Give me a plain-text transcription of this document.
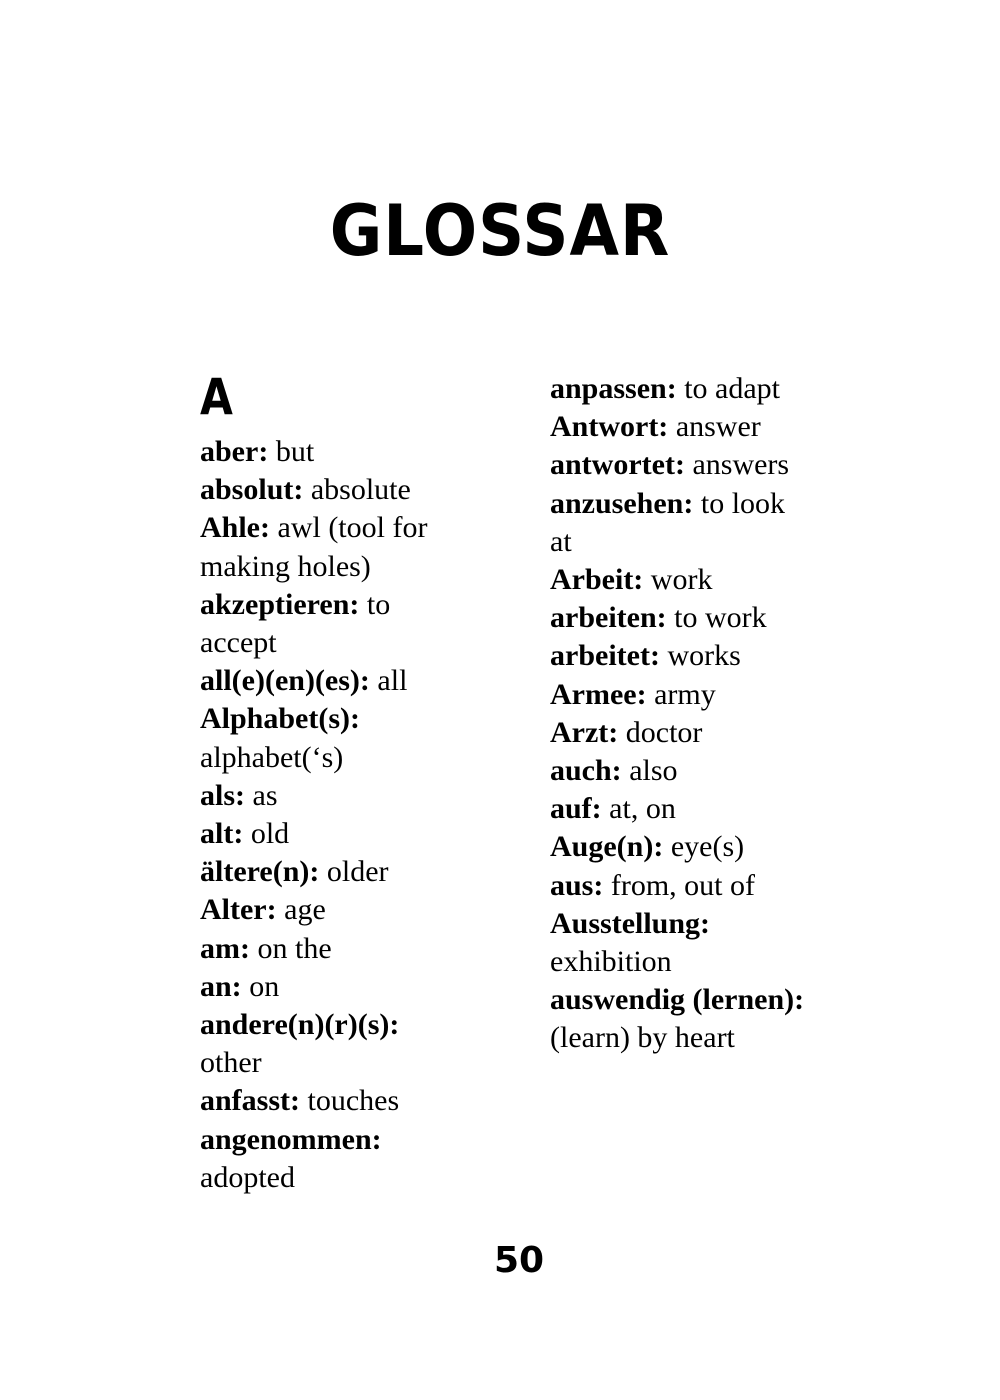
GLOSSAR
A

aber: but

absolut: absolute

Ahle: awl (tool for making holes)

akzeptieren: to accept

all(e)(en)(es): all

Alphabet(s): alphabet(‘s)

als: as

alt: old

ältere(n): older

Alter: age

am: on the

an: on

andere(n)(r)(s): other

anfasst: touches

angenommen: adopted

anpassen: to adapt

Antwort: answer

antwortet: answers

anzusehen: to look at

Arbeit: work

arbeiten: to work

arbeitet: works

Armee: army

Arzt: doctor

auch: also

auf: at, on

Auge(n): eye(s)

aus: from, out of

Ausstellung: exhibition

auswendig (lernen): (learn) by heart

50
